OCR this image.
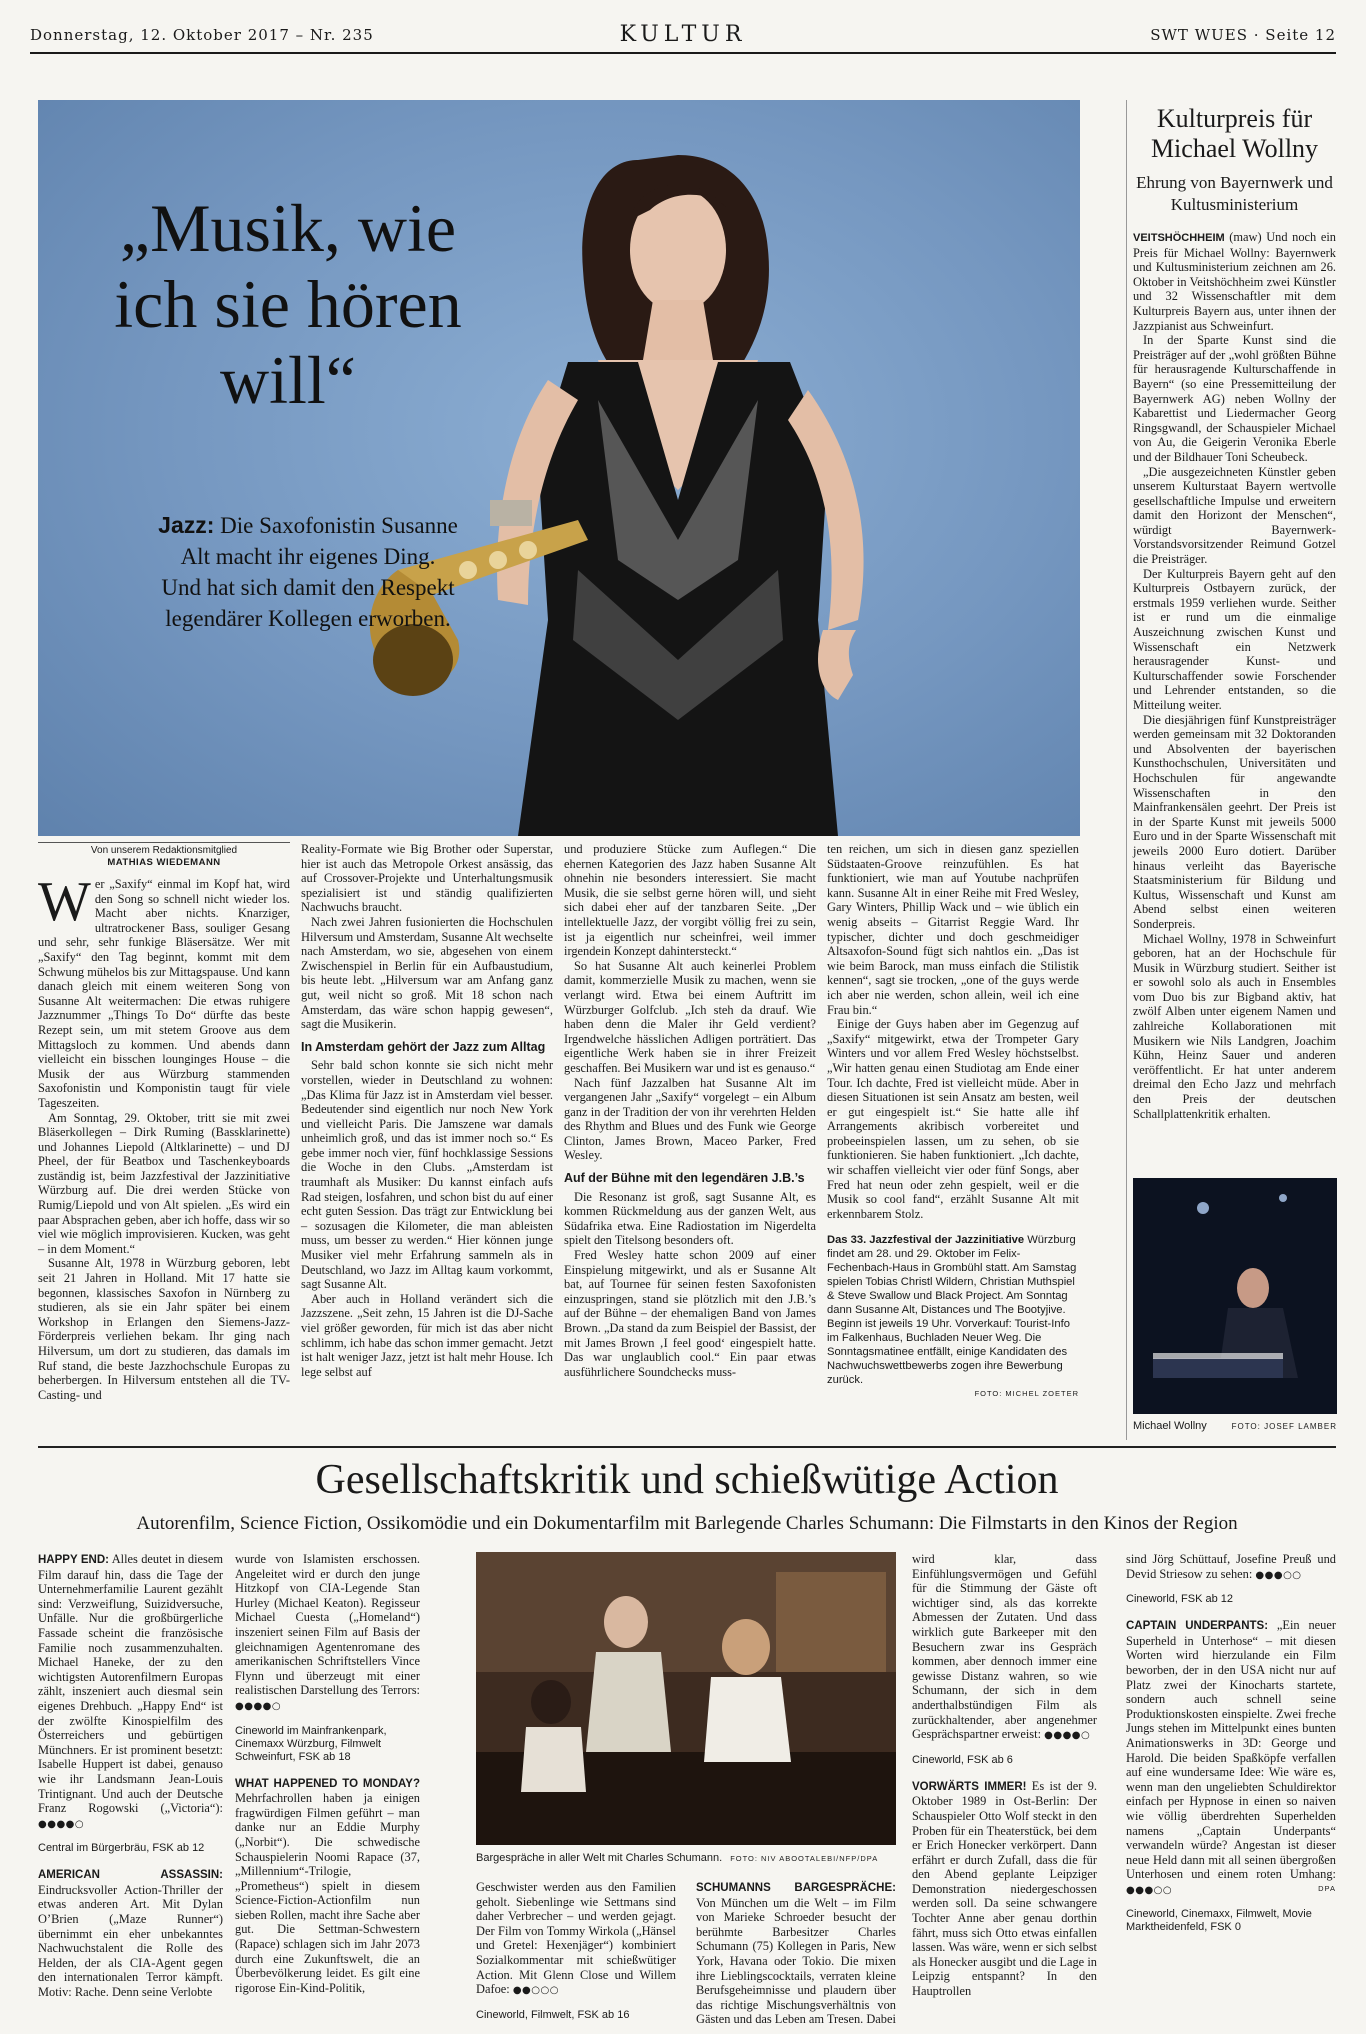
Donnerstag, 12. Oktober 2017 – Nr. 235	KULTUR	SWT WUES · Seite 12
„Musik, wie ich sie hören will“
Jazz: Die Saxofonistin Susanne Alt macht ihr eigenes Ding. Und hat sich damit den Respekt legendärer Kollegen erworben.
Kulturpreis für Michael Wollny
Ehrung von Bayernwerk und Kultusministerium

VEITSHÖCHHEIM (maw) Und noch ein Preis für Michael Wollny: Bayernwerk und Kultusministerium zeichnen am 26. Oktober in Veitshöchheim zwei Künstler und 32 Wissenschaftler mit dem Kulturpreis Bayern aus, unter ihnen der Jazzpianist aus Schweinfurt.

In der Sparte Kunst sind die Preisträger auf der „wohl größten Bühne für herausragende Kulturschaffende in Bayern“ (so eine Pressemitteilung der Bayernwerk AG) neben Wollny der Kabarettist und Liedermacher Georg Ringsgwandl, der Schauspieler Michael von Au, die Geigerin Veronika Eberle und der Bildhauer Toni Scheubeck.

„Die ausgezeichneten Künstler geben unserem Kulturstaat Bayern wertvolle gesellschaftliche Impulse und erweitern damit den Horizont der Menschen“, würdigt Bayernwerk-Vorstandsvorsitzender Reimund Gotzel die Preisträger.

Der Kulturpreis Bayern geht auf den Kulturpreis Ostbayern zurück, der erstmals 1959 verliehen wurde. Seither ist er rund um die einmalige Auszeichnung zwischen Kunst und Wissenschaft ein Netzwerk herausragender Kunst- und Kulturschaffender sowie Forschender und Lehrender entstanden, so die Mitteilung weiter.

Die diesjährigen fünf Kunstpreisträger werden gemeinsam mit 32 Doktoranden und Absolventen der bayerischen Kunsthochschulen, Universitäten und Hochschulen für angewandte Wissenschaften in den Mainfrankensälen geehrt. Der Preis ist in der Sparte Kunst mit jeweils 5000 Euro und in der Sparte Wissenschaft mit jeweils 2000 Euro dotiert. Darüber hinaus verleiht das Bayerische Staatsministerium für Bildung und Kultus, Wissenschaft und Kunst am Abend selbst einen weiteren Sonderpreis.

Michael Wollny, 1978 in Schweinfurt geboren, hat an der Hochschule für Musik in Würzburg studiert. Seither ist er sowohl solo als auch in Ensembles vom Duo bis zur Bigband aktiv, hat zwölf Alben unter eigenem Namen und zahlreiche Kollaborationen mit Musikern wie Nils Landgren, Joachim Kühn, Heinz Sauer und anderen veröffentlicht. Er hat unter anderem dreimal den Echo Jazz und mehrfach den Preis der deutschen Schallplattenkritik erhalten.

Michael Wollny	FOTO: JOSEF LAMBER
Von unserem Redaktionsmitglied
MATHIAS WIEDEMANN

Wer „Saxify“ einmal im Kopf hat, wird den Song so schnell nicht wieder los. Macht aber nichts. Knarziger, ultratrockener Bass, souliger Gesang und sehr, sehr funkige Bläsersätze. Wer mit „Saxify“ den Tag beginnt, kommt mit dem Schwung mühelos bis zur Mittagspause. Und kann danach gleich mit einem weiteren Song von Susanne Alt weitermachen: Die etwas ruhigere Jazznummer „Things To Do“ dürfte das beste Rezept sein, um mit stetem Groove aus dem Mittagsloch zu kommen. Und abends dann vielleicht ein bisschen lounginges House – die Musik der aus Würzburg stammenden Saxofonistin und Komponistin taugt für viele Tageszeiten.

Am Sonntag, 29. Oktober, tritt sie mit zwei Bläserkollegen – Dirk Ruming (Bassklarinette) und Johannes Liepold (Altklarinette) – und DJ Pheel, der für Beatbox und Taschenkeyboards zuständig ist, beim Jazzfestival der Jazzinitiative Würzburg auf. Die drei werden Stücke von Rumig/Liepold und von Alt spielen. „Es wird ein paar Absprachen geben, aber ich hoffe, dass wir so viel wie möglich improvisieren. Kucken, was geht – in dem Moment.“

Susanne Alt, 1978 in Würzburg geboren, lebt seit 21 Jahren in Holland. Mit 17 hatte sie begonnen, klassisches Saxofon in Nürnberg zu studieren, als sie ein Jahr später bei einem Workshop in Erlangen den Siemens-Jazz-Förderpreis verliehen bekam. Ihr ging nach Hilversum, um dort zu studieren, das damals im Ruf stand, die beste Jazzhochschule Europas zu beherbergen. In Hilversum entstehen all die TV-Casting- und

Reality-Formate wie Big Brother oder Superstar, hier ist auch das Metropole Orkest ansässig, das auf Crossover-Projekte und Unterhaltungsmusik spezialisiert ist und ständig qualifizierten Nachwuchs braucht.

Nach zwei Jahren fusionierten die Hochschulen Hilversum und Amsterdam, Susanne Alt wechselte nach Amsterdam, wo sie, abgesehen von einem Zwischenspiel in Berlin für ein Aufbaustudium, bis heute lebt. „Hilversum war am Anfang ganz gut, weil nicht so groß. Mit 18 schon nach Amsterdam, das wäre schon happig gewesen“, sagt die Musikerin.

In Amsterdam gehört der Jazz zum Alltag

Sehr bald schon konnte sie sich nicht mehr vorstellen, wieder in Deutschland zu wohnen: „Das Klima für Jazz ist in Amsterdam viel besser. Bedeutender sind eigentlich nur noch New York und vielleicht Paris. Die Jamszene war damals unheimlich groß, und das ist immer noch so.“ Es gebe immer noch vier, fünf hochklassige Sessions die Woche in den Clubs. „Amsterdam ist traumhaft als Musiker: Du kannst einfach aufs Rad steigen, losfahren, und schon bist du auf einer echt guten Session. Das trägt zur Entwicklung bei – sozusagen die Kilometer, die man ableisten muss, um besser zu werden.“ Hier können junge Musiker viel mehr Erfahrung sammeln als in Deutschland, wo Jazz im Alltag kaum vorkommt, sagt Susanne Alt.

Aber auch in Holland verändert sich die Jazzszene. „Seit zehn, 15 Jahren ist die DJ-Sache viel größer geworden, für mich ist das aber nicht schlimm, ich habe das schon immer gemacht. Jetzt ist halt weniger Jazz, jetzt ist halt mehr House. Ich lege selbst auf

und produziere Stücke zum Auflegen.“ Die ehernen Kategorien des Jazz haben Susanne Alt ohnehin nie besonders interessiert. Sie macht Musik, die sie selbst gerne hören will, und sieht sich dabei eher auf der tanzbaren Seite. „Der intellektuelle Jazz, der vorgibt völlig frei zu sein, ist ja eigentlich nur scheinfrei, weil immer irgendein Konzept dahintersteckt.“

So hat Susanne Alt auch keinerlei Problem damit, kommerzielle Musik zu machen, wenn sie verlangt wird. Etwa bei einem Auftritt im Würzburger Golfclub. „Ich steh da drauf. Wie haben denn die Maler ihr Geld verdient? Irgendwelche hässlichen Adligen porträtiert. Das eigentliche Werk haben sie in ihrer Freizeit geschaffen. Bei Musikern war und ist es genauso.“

Nach fünf Jazzalben hat Susanne Alt im vergangenen Jahr „Saxify“ vorgelegt – ein Album ganz in der Tradition der von ihr verehrten Helden des Rhythm and Blues und des Funk wie George Clinton, James Brown, Maceo Parker, Fred Wesley.

Auf der Bühne mit den legendären J.B.’s

Die Resonanz ist groß, sagt Susanne Alt, es kommen Rückmeldung aus der ganzen Welt, aus Südafrika etwa. Eine Radiostation im Nigerdelta spielt den Titelsong besonders oft.

Fred Wesley hatte schon 2009 auf einer Einspielung mitgewirkt, und als er Susanne Alt bat, auf Tournee für seinen festen Saxofonisten einzuspringen, stand sie plötzlich mit den J.B.’s auf der Bühne – der ehemaligen Band von James Brown. „Da stand da zum Beispiel der Bassist, der mit James Brown ‚I feel good‘ eingespielt hatte. Das war unglaublich cool.“ Ein paar etwas ausführlichere Soundchecks muss-

ten reichen, um sich in diesen ganz speziellen Südstaaten-Groove reinzufühlen. Es hat funktioniert, wie man auf Youtube nachprüfen kann. Susanne Alt in einer Reihe mit Fred Wesley, Gary Winters, Phillip Wack und – wie üblich ein wenig abseits – Gitarrist Reggie Ward. Ihr typischer, dichter und doch geschmeidiger Altsaxofon-Sound fügt sich nahtlos ein. „Das ist wie beim Barock, man muss einfach die Stilistik kennen“, sagt sie trocken, „one of the guys werde ich aber nie werden, schon allein, weil ich eine Frau bin.“

Einige der Guys haben aber im Gegenzug auf „Saxify“ mitgewirkt, etwa der Trompeter Gary Winters und vor allem Fred Wesley höchstselbst. „Wir hatten genau einen Studiotag am Ende einer Tour. Ich dachte, Fred ist vielleicht müde. Aber in diesen Situationen ist sein Ansatz am besten, weil er gut eingespielt ist.“ Sie hatte alle ihf Arrangements akribisch vorbereitet und probeeinspielen lassen, um zu sehen, ob sie funktionieren. Sie haben funktioniert. „Ich dachte, wir schaffen vielleicht vier oder fünf Songs, aber Fred hat neun oder zehn gespielt, weil er die Musik so cool fand“, erzählt Susanne Alt mit erkennbarem Stolz.

Das 33. Jazzfestival der Jazzinitiative Würzburg findet am 28. und 29. Oktober im Felix-Fechenbach-Haus in Grombühl statt. Am Samstag spielen Tobias Christl Wildern, Christian Muthspiel & Steve Swallow und Black Project. Am Sonntag dann Susanne Alt, Distances und The Bootyjive. Beginn ist jeweils 19 Uhr. Vorverkauf: Tourist-Info im Falkenhaus, Buchladen Neuer Weg. Die Sonntagsmatinee entfällt, einige Kandidaten des Nachwuchswettbewerbs zogen ihre Bewerbung zurück.
FOTO: MICHEL ZOETER
Gesellschaftskritik und schießwütige Action
Autorenfilm, Science Fiction, Ossikomödie und ein Dokumentarfilm mit Barlegende Charles Schumann: Die Filmstarts in den Kinos der Region

HAPPY END: Alles deutet in diesem Film darauf hin, dass die Tage der Unternehmerfamilie Laurent gezählt sind: Verzweiflung, Suizidversuche, Unfälle. Nur die großbürgerliche Fassade scheint die französische Familie noch zusammenzuhalten. Michael Haneke, der zu den wichtigsten Autorenfilmern Europas zählt, inszeniert auch diesmal sein eigenes Drehbuch. „Happy End“ ist der zwölfte Kinospielfilm des Österreichers und gebürtigen Münchners. Er ist prominent besetzt: Isabelle Huppert ist dabei, genauso wie ihr Landsmann Jean-Louis Trintignant. Und auch der Deutsche Franz Rogowski („Victoria“): ●●●●○

Central im Bürgerbräu, FSK ab 12

AMERICAN ASSASSIN: Eindrucksvoller Action-Thriller der etwas anderen Art. Mit Dylan O’Brien („Maze Runner“) übernimmt ein eher unbekanntes Nachwuchstalent die Rolle des Helden, der als CIA-Agent gegen den internationalen Terror kämpft. Motiv: Rache. Denn seine Verlobte

wurde von Islamisten erschossen. Angeleitet wird er durch den junge Hitzkopf von CIA-Legende Stan Hurley (Michael Keaton). Regisseur Michael Cuesta („Homeland“) inszeniert seinen Film auf Basis der gleichnamigen Agentenromane des amerikanischen Schriftstellers Vince Flynn und überzeugt mit einer realistischen Darstellung des Terrors: ●●●●○

Cineworld im Mainfrankenpark, Cinemaxx Würzburg, Filmwelt Schweinfurt, FSK ab 18

WHAT HAPPENED TO MONDAY? Mehrfachrollen haben ja einigen fragwürdigen Filmen geführt – man danke nur an Eddie Murphy („Norbit“). Die schwedische Schauspielerin Noomi Rapace (37, „Millennium“-Trilogie, „Prometheus“) spielt in diesem Science-Fiction-Actionfilm nun sieben Rollen, macht ihre Sache aber gut. Die Settman-Schwestern (Rapace) schlagen sich im Jahr 2073 durch eine Zukunftswelt, die an Überbevölkerung leidet. Es gilt eine rigorose Ein-Kind-Politik,

Bargespräche in aller Welt mit Charles Schumann. FOTO: NIV ABOOTALEBI/NFP/DPA

Geschwister werden aus den Familien geholt. Siebenlinge wie Settmans sind daher Verbrecher – und werden gejagt. Der Film von Tommy Wirkola („Hänsel und Gretel: Hexenjäger“) kombiniert Sozialkommentar mit schießwütiger Action. Mit Glenn Close und Willem Dafoe: ●●○○○

Cineworld, Filmwelt, FSK ab 16

SCHUMANNS BARGESPRÄCHE: Von München um die Welt – im Film von Marieke Schroeder besucht der berühmte Barbesitzer Charles Schumann (75) Kollegen in Paris, New York, Havana oder Tokio. Die mixen ihre Lieblingscocktails, verraten kleine Berufsgeheimnisse und plaudern über das richtige Mischungsverhältnis von Gästen und das Leben am Tresen. Dabei

wird klar, dass Einfühlungsvermögen und Gefühl für die Stimmung der Gäste oft wichtiger sind, als das korrekte Abmessen der Zutaten. Und dass wirklich gute Barkeeper mit den Besuchern zwar ins Gespräch kommen, aber dennoch immer eine gewisse Distanz wahren, so wie Schumann, der sich in dem anderthalbstündigen Film als zurückhaltender, aber angenehmer Gesprächspartner erweist: ●●●●○

Cineworld, FSK ab 6

VORWÄRTS IMMER! Es ist der 9. Oktober 1989 in Ost-Berlin: Der Schauspieler Otto Wolf steckt in den Proben für ein Theaterstück, bei dem er Erich Honecker verkörpert. Dann erfährt er durch Zufall, dass die für den Abend geplante Leipziger Demonstration niedergeschossen werden soll. Da seine schwangere Tochter Anne aber genau dorthin fährt, muss sich Otto etwas einfallen lassen. Was wäre, wenn er sich selbst als Honecker ausgibt und die Lage in Leipzig entspannt? In den Hauptrollen

sind Jörg Schüttauf, Josefine Preuß und Devid Striesow zu sehen: ●●●○○

Cineworld, FSK ab 12

CAPTAIN UNDERPANTS: „Ein neuer Superheld in Unterhose“ – mit diesen Worten wird hierzulande ein Film beworben, der in den USA nicht nur auf Platz zwei der Kinocharts startete, sondern auch schnell seine Produktionskosten einspielte. Zwei freche Jungs stehen im Mittelpunkt eines bunten Animationswerks in 3D: George und Harold. Die beiden Spaßköpfe verfallen auf eine wundersame Idee: Wie wäre es, wenn man den ungeliebten Schuldirektor einfach per Hypnose in einen so naiven wie völlig überdrehten Superhelden namens „Captain Underpants“ verwandeln würde? Angestan ist dieser neue Held dann mit all seinen übergroßen Unterhosen und einem roten Umhang: ●●●○○	DPA

Cineworld, Cinemaxx, Filmwelt, Movie Marktheidenfeld, FSK 0
